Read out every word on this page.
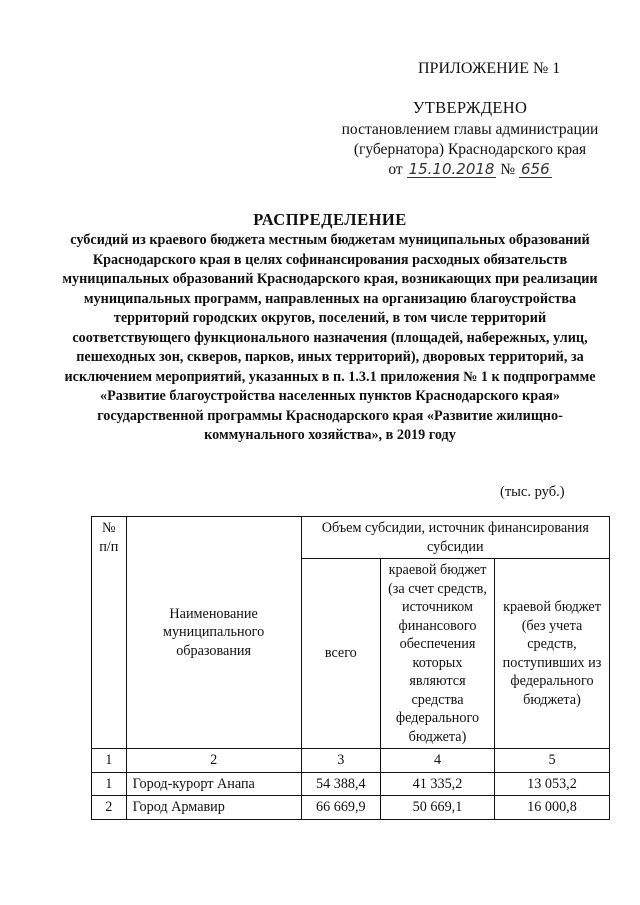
ПРИЛОЖЕНИЕ № 1
УТВЕРЖДЕНО
постановлением главы администрации
(губернатора) Краснодарского края
от 15.10.2018 № 656
РАСПРЕДЕЛЕНИЕ
субсидий из краевого бюджета местным бюджетам муниципальных образований Краснодарского края в целях софинансирования расходных обязательств муниципальных образований Краснодарского края, возникающих при реализации муниципальных программ, направленных на организацию благоустройства территорий городских округов, поселений, в том числе территорий соответствующего функционального назначения (площадей, набережных, улиц, пешеходных зон, скверов, парков, иных территорий), дворовых территорий, за исключением мероприятий, указанных в п. 1.3.1 приложения № 1 к подпрограмме «Развитие благоустройства населенных пунктов Краснодарского края» государственной программы Краснодарского края «Развитие жилищно-коммунального хозяйства», в 2019 году
(тыс. руб.)
№ п/п	Наименование муниципального образования	Объем субсидии, источник финансирования субсидии		
		всего	краевой бюджет (за счет средств, источником финансового обеспечения которых являются средства федерального бюджета)	краевой бюджет (без учета средств, поступивших из федерального бюджета)
1	2	3	4	5
1	Город-курорт Анапа	54 388,4	41 335,2	13 053,2
2	Город Армавир	66 669,9	50 669,1	16 000,8
